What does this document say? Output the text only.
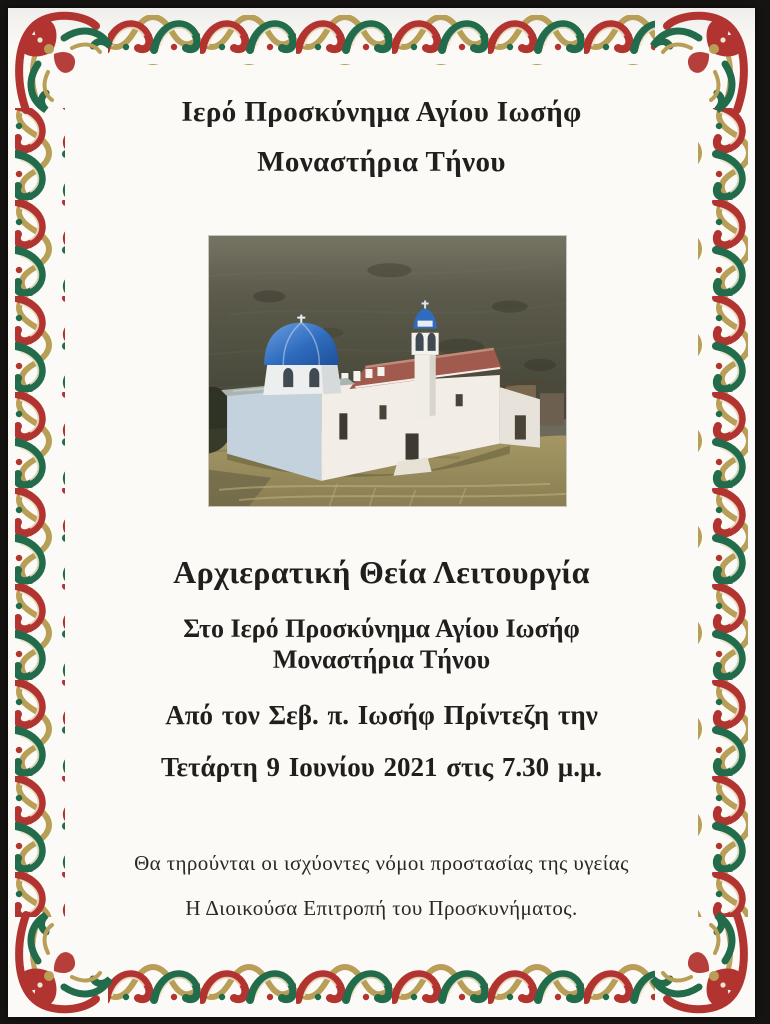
Ιερό Προσκύνημα Αγίου Ιωσήφ
Μοναστήρια Τήνου
Αρχιερατική Θεία Λειτουργία
Στο Ιερό Προσκύνημα Αγίου Ιωσήφ
Μοναστήρια Τήνου
Από τον Σεβ. π. Ιωσήφ Πρίντεζη την
Τετάρτη 9 Ιουνίου 2021 στις 7.30 μ.μ.
Θα τηρούνται οι ισχύοντες νόμοι προστασίας της υγείας
Η Διοικούσα Επιτροπή του Προσκυνήματος.
